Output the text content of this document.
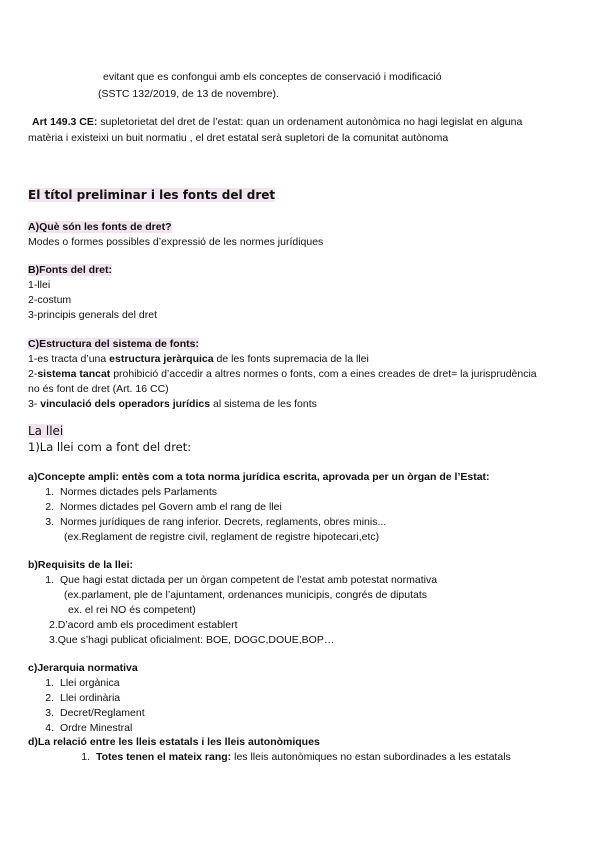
evitant que es confongui amb els conceptes de conservació i modificació
(SSTC 132/2019, de 13 de novembre).
Art 149.3 CE: supletorietat del dret de l’estat: quan un ordenament autonòmica no hagi legislat en alguna
matèria i existeixi un buit normatiu , el dret estatal serà supletori de la comunitat autònoma
El títol preliminar i les fonts del dret
A)Què són les fonts de dret?
Modes o formes possibles d’expressió de les normes jurídiques
B)Fonts del dret:
1-llei
2-costum
3-principis generals del dret
C)Estructura del sistema de fonts:
1-es tracta d’una estructura jeràrquica de les fonts supremacia de la llei
2-sistema tancat prohibició d’accedir a altres normes o fonts, com a eines creades de dret= la jurisprudència
no és font de dret (Art. 16 CC)
3- vinculació dels operadors jurídics al sistema de les fonts
La llei
1)La llei com a font del dret:
a)Concepte ampli: entès com a tota norma jurídica escrita, aprovada per un òrgan de l’Estat:
1. Normes dictades pels Parlaments
2. Normes dictades pel Govern amb el rang de llei
3. Normes jurídiques de rang inferior. Decrets, reglaments, obres minis...
(ex.Reglament de registre civil, reglament de registre hipotecari,etc)
b)Requisits de la llei:
1. Que hagi estat dictada per un òrgan competent de l’estat amb potestat normativa
(ex.parlament, ple de l’ajuntament, ordenances municipis, congrés de diputats
ex. el rei NO és competent)
2.D’acord amb els procediment establert
3.Que s’hagi publicat oficialment: BOE, DOGC,DOUE,BOP…
c)Jerarquia normativa
1. Llei orgànica
2. Llei ordinària
3. Decret/Reglament
4. Ordre Minestral
d)La relació entre les lleis estatals i les lleis autonòmiques
1. Totes tenen el mateix rang: les lleis autonòmiques no estan subordinades a les estatals
